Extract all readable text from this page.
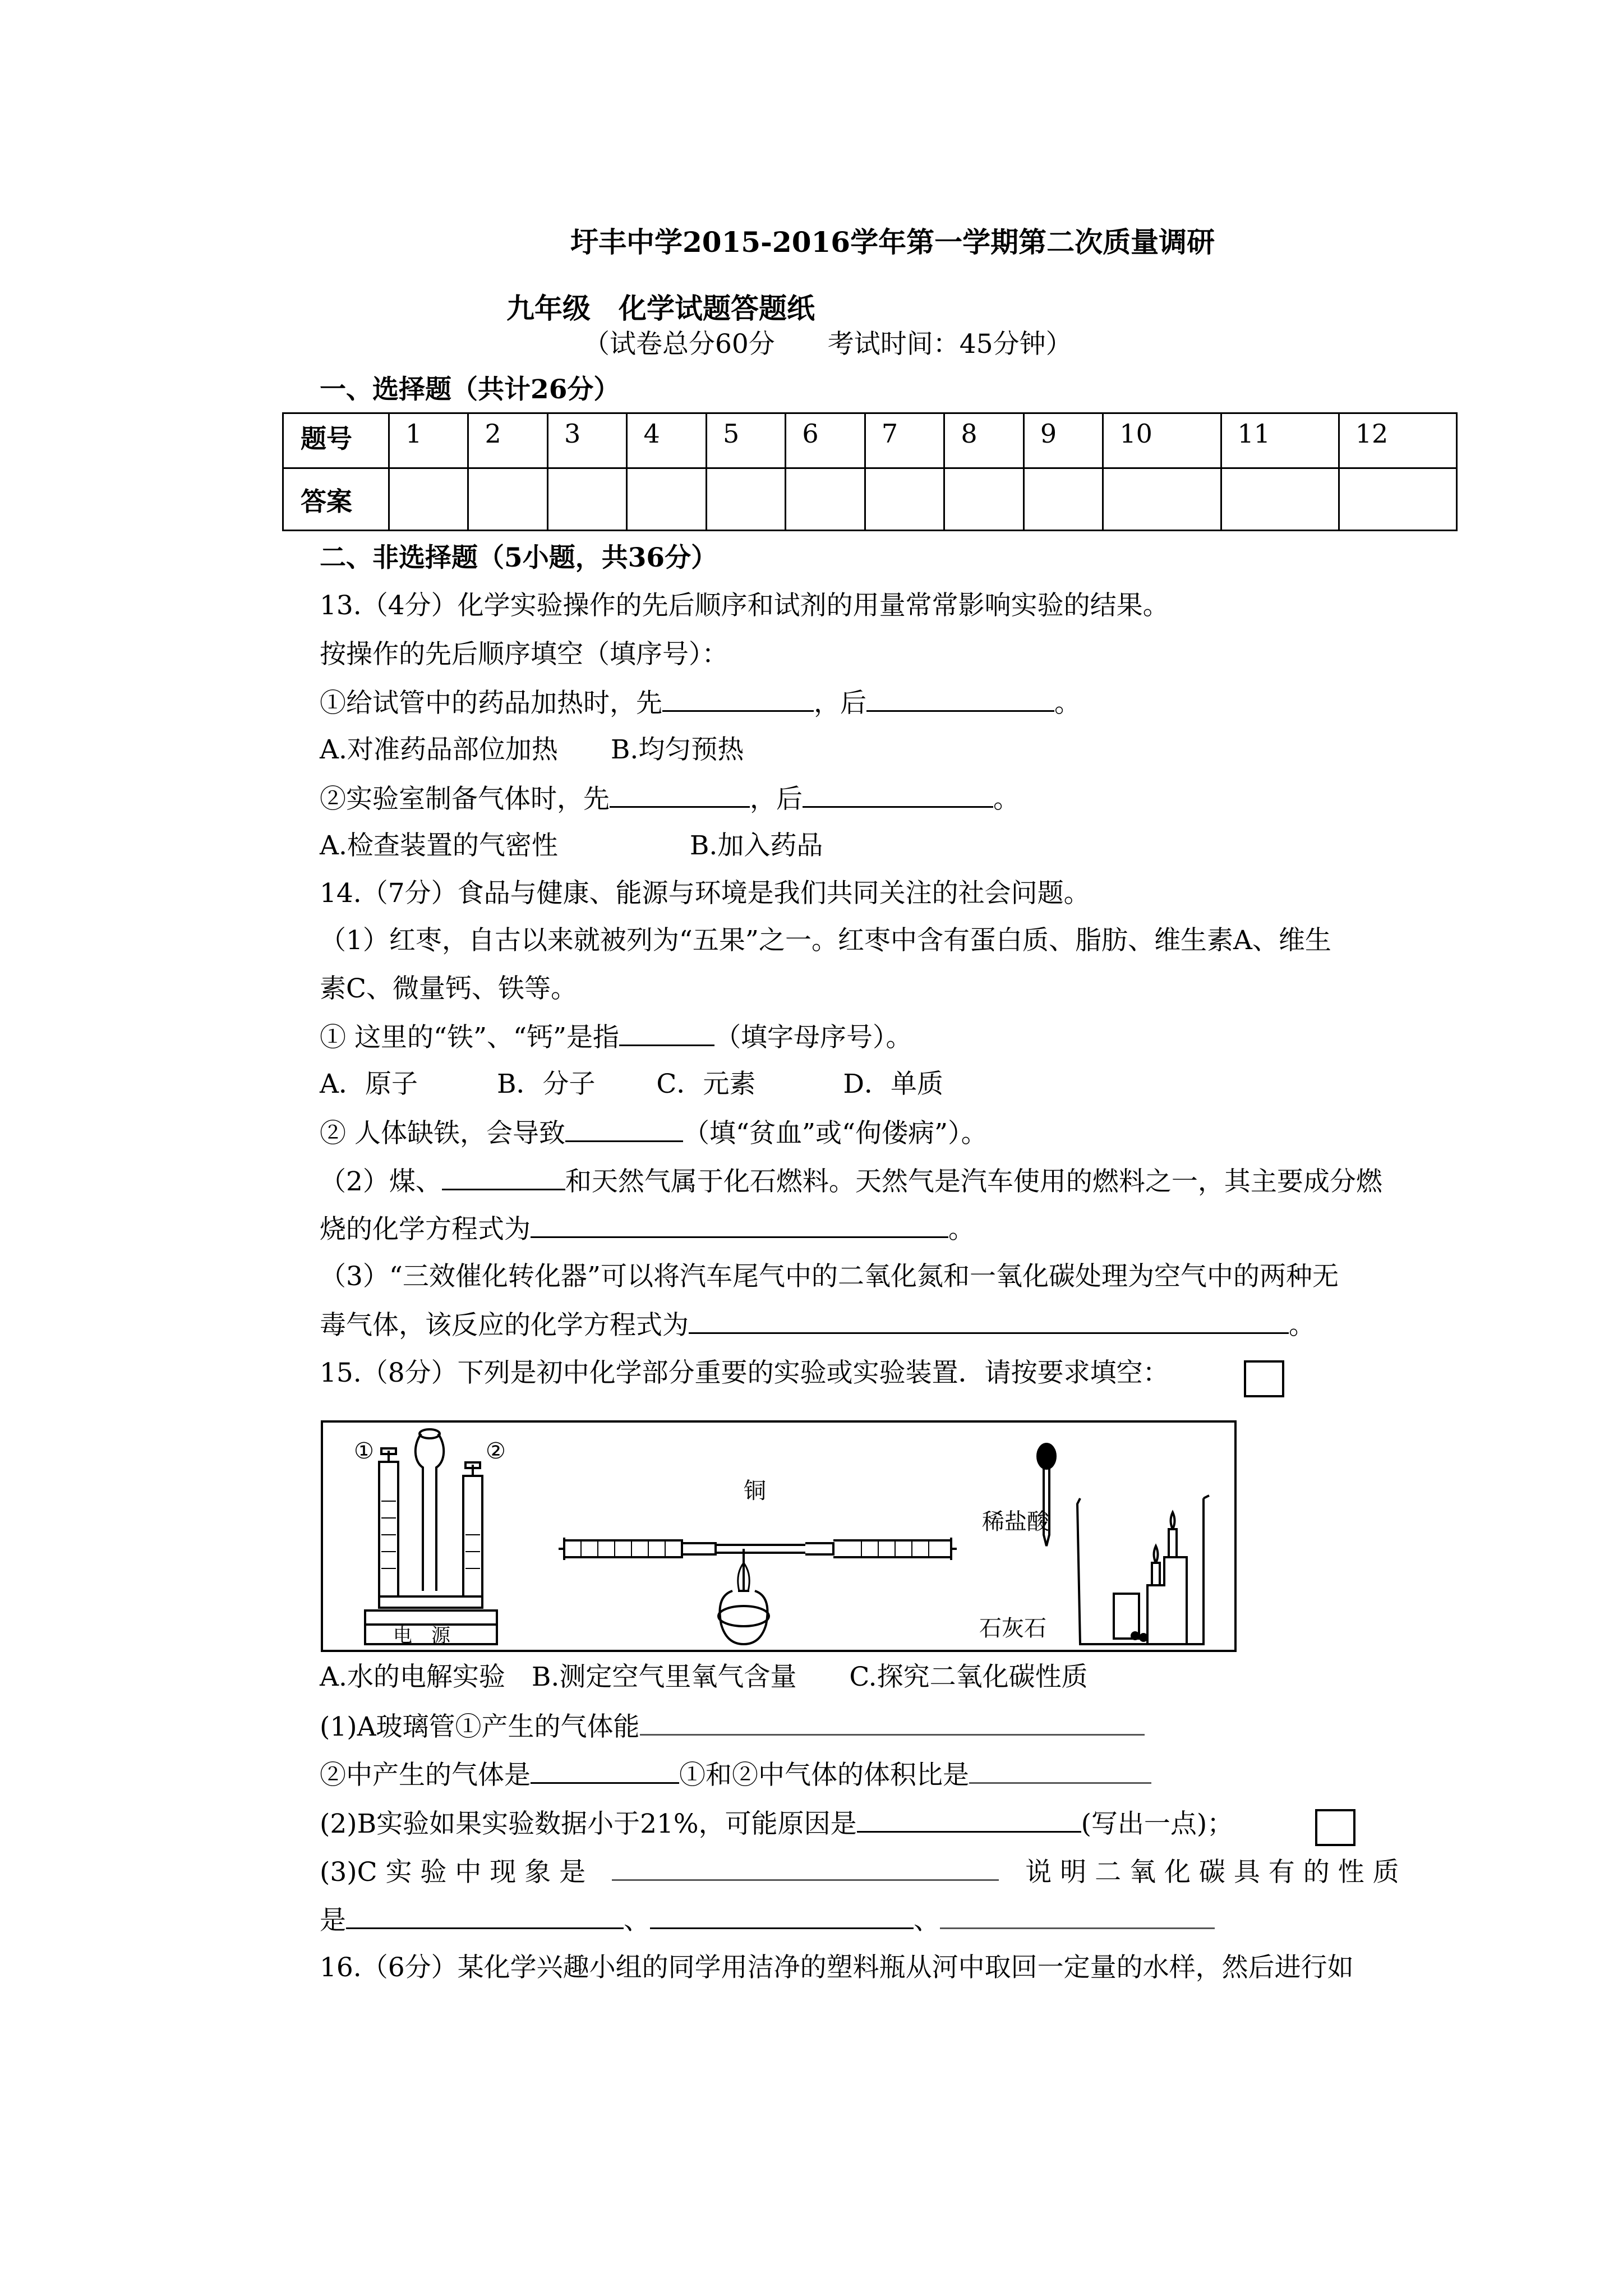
圩丰中学2015-2016学年第一学期第二次质量调研
九年级　化学试题答题纸
（试卷总分60分　　考试时间：45分钟）
一、选择题（共计26分）
题号	1	2	3	4	5	6	7	8	9	10	11	12
答案												
二、非选择题（5小题，共36分）
13.（4分）化学实验操作的先后顺序和试剂的用量常常影响实验的结果。
按操作的先后顺序填空（填序号）：
①给试管中的药品加热时，先	，后	。
A.对准药品部位加热　　B.均匀预热
②实验室制备气体时，先	，后	。
A.检查装置的气密性　　　　　B.加入药品
14.（7分）食品与健康、能源与环境是我们共同关注的社会问题。
（1）红枣，自古以来就被列为“五果”之一。红枣中含有蛋白质、脂肪、维生素A、维生
素C、微量钙、铁等。
① 这里的“铁”、“钙”是指	（填字母序号）。
A．原子　　　B．分子　　 C．元素　　　 D．单质
② 人体缺铁，会导致	（填“贫血”或“佝偻病”）。
（2）煤、	和天然气属于化石燃料。天然气是汽车使用的燃料之一，其主要成分燃
烧的化学方程式为	。
（3）“三效催化转化器”可以将汽车尾气中的二氧化氮和一氧化碳处理为空气中的两种无
毒气体，该反应的化学方程式为	。
15.（8分）下列是初中化学部分重要的实验或实验装置．请按要求填空：
①	②
电　源
铜
稀盐酸
石灰石
A.水的电解实验　B.测定空气里氧气含量　　C.探究二氧化碳性质
(1)A玻璃管①产生的气体能
②中产生的气体是	①和②中气体的体积比是
(2)B实验如果实验数据小于21%，可能原因是	(写出一点)；
(3)C 实 验 中 现 象 是　　	说 明 二 氧 化 碳 具 有 的 性 质
是	、	、
16.（6分）某化学兴趣小组的同学用洁净的塑料瓶从河中取回一定量的水样，然后进行如
